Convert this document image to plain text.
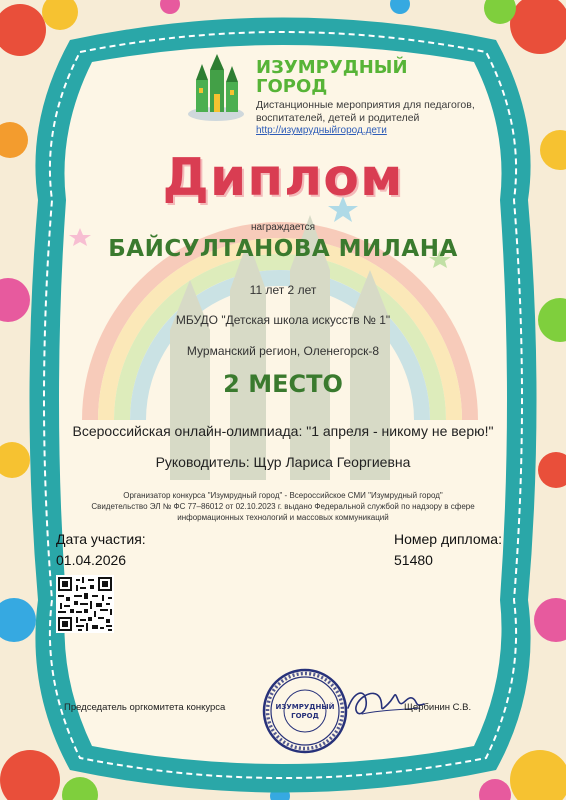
ИЗУМРУДНЫЙ
ГОРОД
Дистанционные мероприятия для педагогов, воспитателей, детей и родителей
http://изумрудныйгород.дети
Диплом
награждается
БАЙСУЛТАНОВА МИЛАНА
11 лет 2 лет
МБУДО "Детская школа искусств № 1"
Мурманский регион, Оленегорск-8
2 МЕСТО
Всероссийская онлайн-олимпиада: "1 апреля - никому не верю!"
Руководитель: Щур Лариса Георгиевна
Организатор конкурса "Изумрудный город" - Всероссийское СМИ "Изумрудный город"
Свидетельство ЭЛ № ФС 77–86012 от 02.10.2023 г. выдано Федеральной службой по надзору в сфере
информационных технологий и массовых коммуникаций
Дата участия:
01.04.2026
Номер диплома:
51480
Председатель оргкомитета конкурса	ИЗУМРУДНЫЙ
ГОРОД
Щербинин С.В.
